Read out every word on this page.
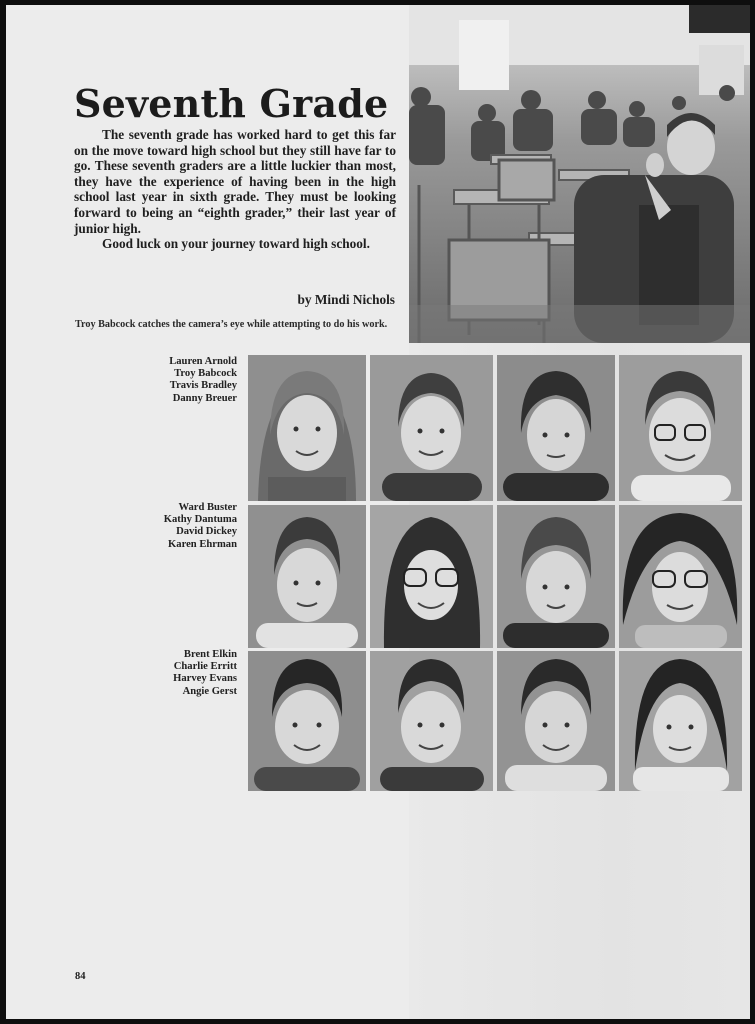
Seventh Grade

The seventh grade has worked hard to get this far on the move toward high school but they still have far to go. These seventh graders are a little luckier than most, they have the experience of having been in the high school last year in sixth grade. They must be looking forward to being an “eighth grader,” their last year of junior high.

Good luck on your journey toward high school.

by Mindi Nichols

Troy Babcock catches the camera’s eye while attempting to do his work.

Lauren Arnold
Troy Babcock
Travis Bradley
Danny Breuer
Ward Buster
Kathy Dantuma
David Dickey
Karen Ehrman
Brent Elkin
Charlie Erritt
Harvey Evans
Angie Gerst
84
